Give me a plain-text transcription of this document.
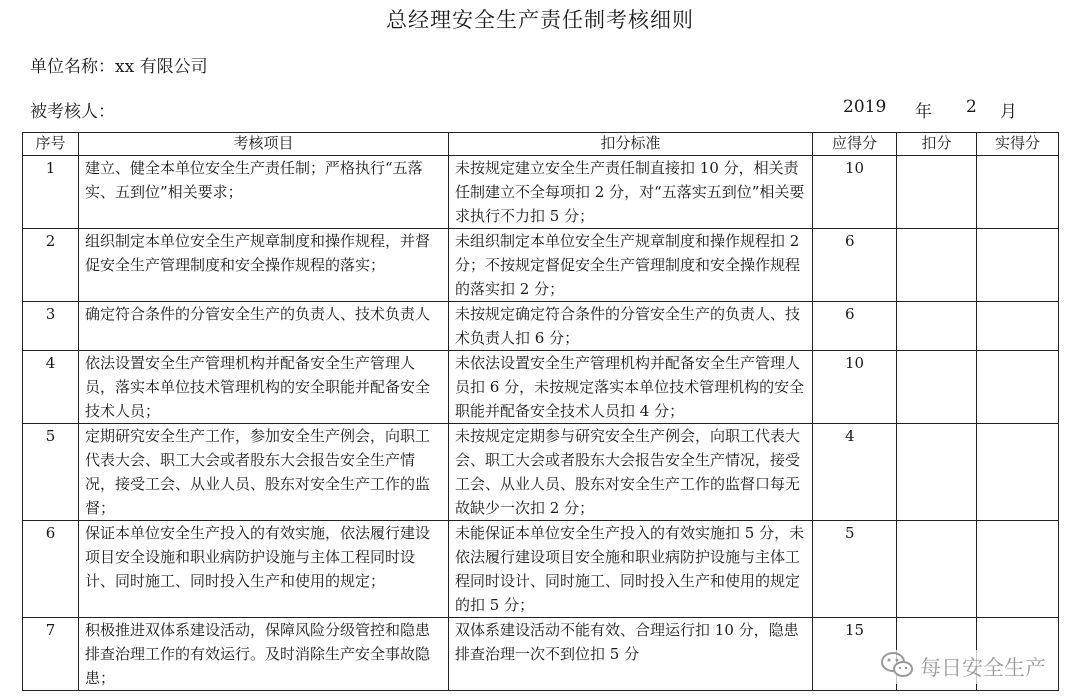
总经理安全生产责任制考核细则
单位名称：xx 有限公司
被考核人：	2019 年 2 月
序号	考核项目	扣分标准	应得分	扣分	实得分
1	建立、健全本单位安全生产责任制；严格执行“五落实、五到位”相关要求；	未按规定建立安全生产责任制直接扣 10 分，相关责任制建立不全每项扣 2 分，对“五落实五到位”相关要求执行不力扣 5 分；	10		
2	组织制定本单位安全生产规章制度和操作规程，并督促安全生产管理制度和安全操作规程的落实；	未组织制定本单位安全生产规章制度和操作规程扣 2 分；不按规定督促安全生产管理制度和安全操作规程的落实扣 2 分；	6		
3	确定符合条件的分管安全生产的负责人、技术负责人	未按规定确定符合条件的分管安全生产的负责人、技术负责人扣 6 分；	6		
4	依法设置安全生产管理机构并配备安全生产管理人员，落实本单位技术管理机构的安全职能并配备安全技术人员；	未依法设置安全生产管理机构并配备安全生产管理人员扣 6 分，未按规定落实本单位技术管理机构的安全职能并配备安全技术人员扣 4 分；	10		
5	定期研究安全生产工作，参加安全生产例会，向职工代表大会、职工大会或者股东大会报告安全生产情况，接受工会、从业人员、股东对安全生产工作的监督；	未按规定定期参与研究安全生产例会，向职工代表大会、职工大会或者股东大会报告安全生产情况，接受工会、从业人员、股东对安全生产工作的监督口每无故缺少一次扣 2 分；	4		
6	保证本单位安全生产投入的有效实施，依法履行建设项目安全设施和职业病防护设施与主体工程同时设计、同时施工、同时投入生产和使用的规定；	未能保证本单位安全生产投入的有效实施扣 5 分，未依法履行建设项目安全施和职业病防护设施与主体工程同时设计、同时施工、同时投入生产和使用的规定的扣 5 分；	5		
7	积极推进双体系建设活动，保障风险分级管控和隐患排查治理工作的有效运行。及时消除生产安全事故隐患；	双体系建设活动不能有效、合理运行扣 10 分，隐患排查治理一次不到位扣 5 分	15		
每日安全生产
